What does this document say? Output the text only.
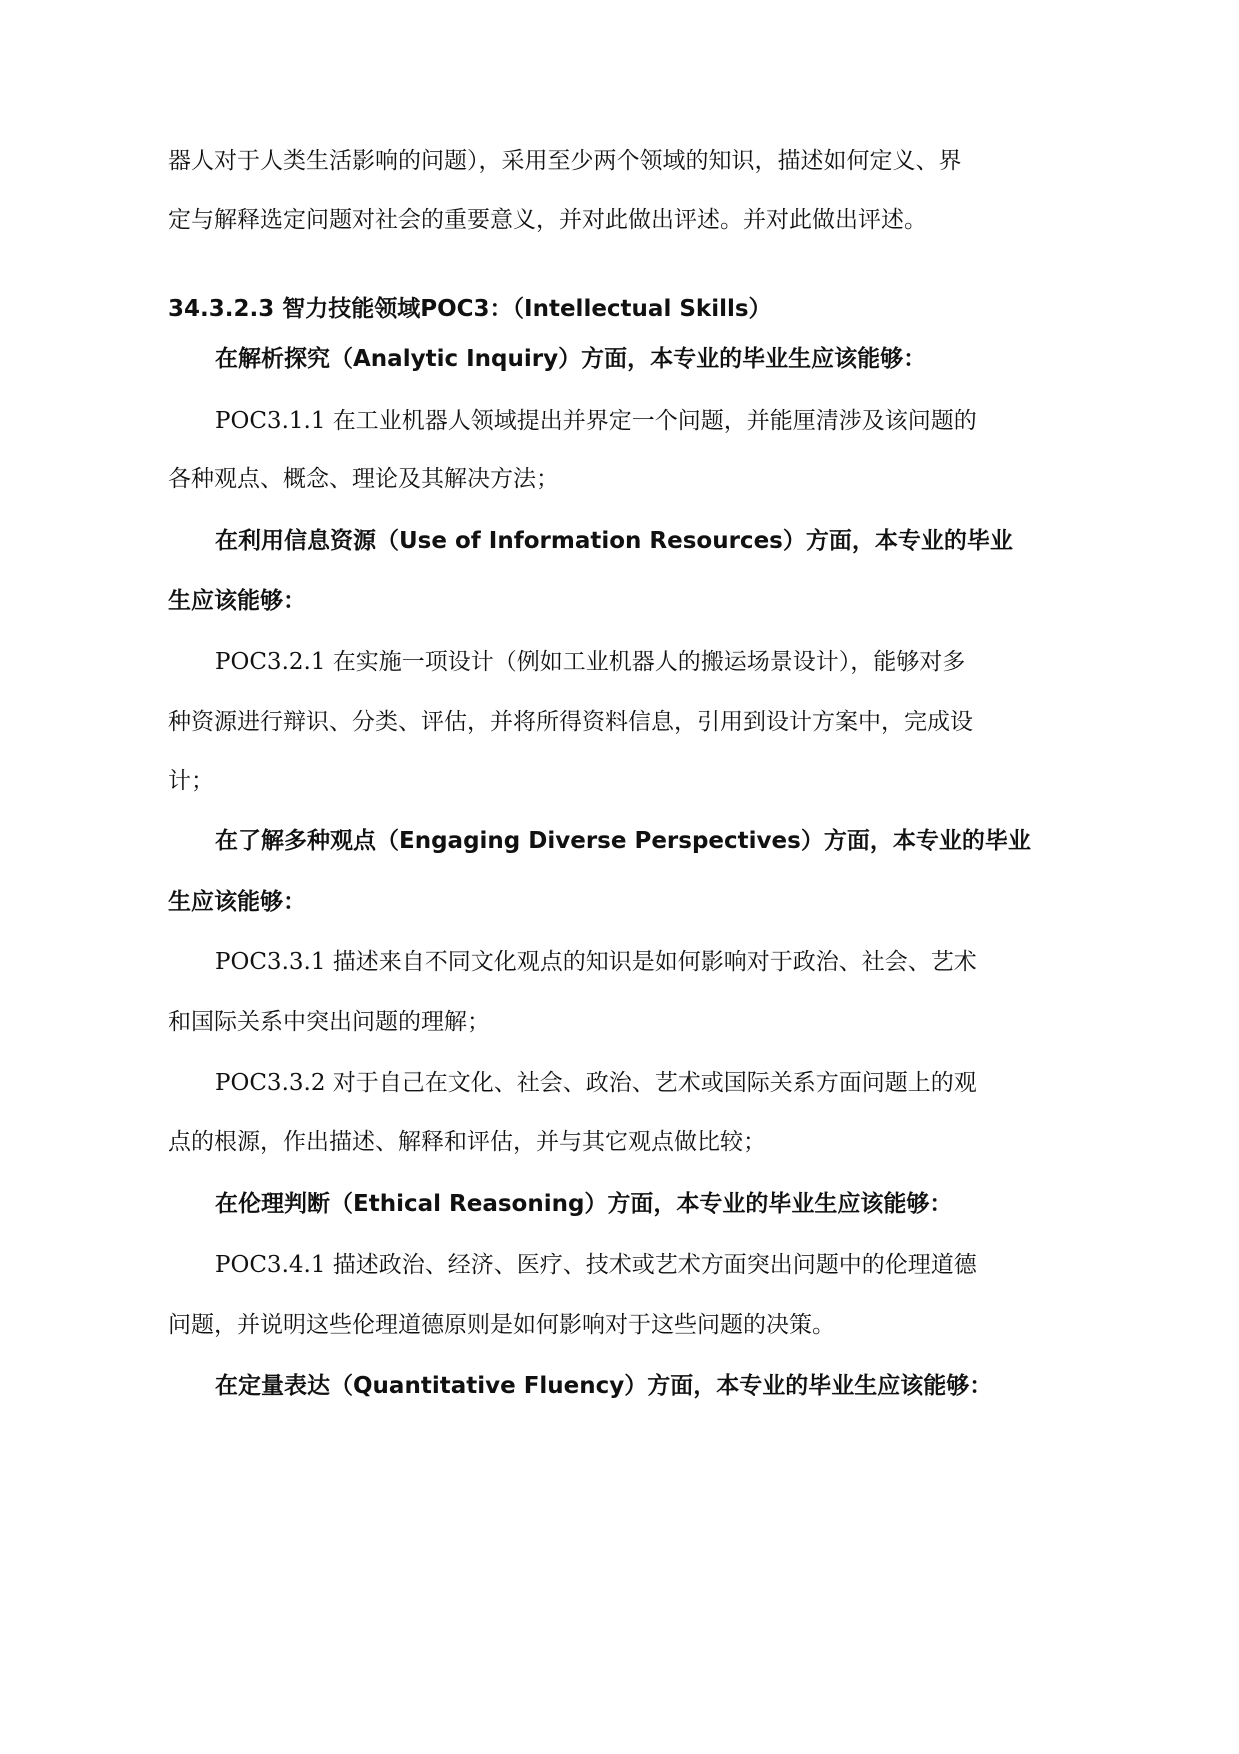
器人对于人类生活影响的问题），采用至少两个领域的知识，描述如何定义、界
定与解释选定问题对社会的重要意义，并对此做出评述。并对此做出评述。
34.3.2.3 智力技能领域POC3：（Intellectual Skills）
在解析探究（Analytic Inquiry）方面，本专业的毕业生应该能够：
POC3.1.1 在工业机器人领域提出并界定一个问题，并能厘清涉及该问题的
各种观点、概念、理论及其解决方法；
在利用信息资源（Use of Information Resources）方面，本专业的毕业
生应该能够：
POC3.2.1 在实施一项设计（例如工业机器人的搬运场景设计），能够对多
种资源进行辩识、分类、评估，并将所得资料信息，引用到设计方案中，完成设
计；
在了解多种观点（Engaging Diverse Perspectives）方面，本专业的毕业
生应该能够：
POC3.3.1 描述来自不同文化观点的知识是如何影响对于政治、社会、艺术
和国际关系中突出问题的理解；
POC3.3.2 对于自己在文化、社会、政治、艺术或国际关系方面问题上的观
点的根源，作出描述、解释和评估，并与其它观点做比较；
在伦理判断（Ethical Reasoning）方面，本专业的毕业生应该能够：
POC3.4.1 描述政治、经济、医疗、技术或艺术方面突出问题中的伦理道德
问题，并说明这些伦理道德原则是如何影响对于这些问题的决策。
在定量表达（Quantitative Fluency）方面，本专业的毕业生应该能够：
